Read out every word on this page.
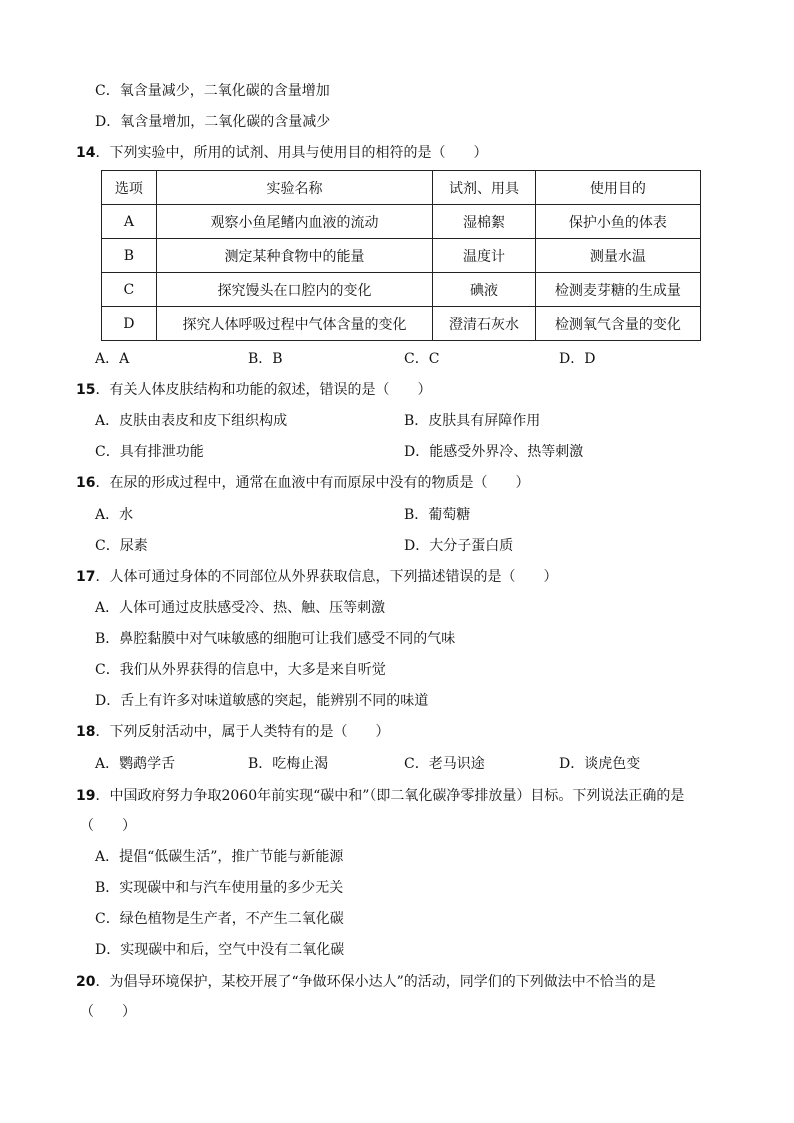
C．氧含量减少，二氧化碳的含量增加
D．氧含量增加，二氧化碳的含量减少
14．下列实验中，所用的试剂、用具与使用目的相符的是（　　）
选项	实验名称	试剂、用具	使用目的
A	观察小鱼尾鳍内血液的流动	湿棉絮	保护小鱼的体表
B	测定某种食物中的能量	温度计	测量水温
C	探究馒头在口腔内的变化	碘液	检测麦芽糖的生成量
D	探究人体呼吸过程中气体含量的变化	澄清石灰水	检测氧气含量的变化
A．A	B．B	C．C	D．D
15．有关人体皮肤结构和功能的叙述，错误的是（　　）
A．皮肤由表皮和皮下组织构成	B．皮肤具有屏障作用
C．具有排泄功能	D．能感受外界冷、热等刺激
16．在尿的形成过程中，通常在血液中有而原尿中没有的物质是（　　）
A．水	B．葡萄糖
C．尿素	D．大分子蛋白质
17．人体可通过身体的不同部位从外界获取信息，下列描述错误的是（　　）
A．人体可通过皮肤感受冷、热、触、压等刺激
B．鼻腔黏膜中对气味敏感的细胞可让我们感受不同的气味
C．我们从外界获得的信息中，大多是来自听觉
D．舌上有许多对味道敏感的突起，能辨别不同的味道
18．下列反射活动中，属于人类特有的是（　　）
A．鹦鹉学舌	B．吃梅止渴	C．老马识途	D．谈虎色变
19．中国政府努力争取2060年前实现“碳中和”（即二氧化碳净零排放量）目标。下列说法正确的是
（　　）
A．提倡“低碳生活”，推广节能与新能源
B．实现碳中和与汽车使用量的多少无关
C．绿色植物是生产者，不产生二氧化碳
D．实现碳中和后，空气中没有二氧化碳
20．为倡导环境保护，某校开展了“争做环保小达人”的活动，同学们的下列做法中不恰当的是
（　　）
